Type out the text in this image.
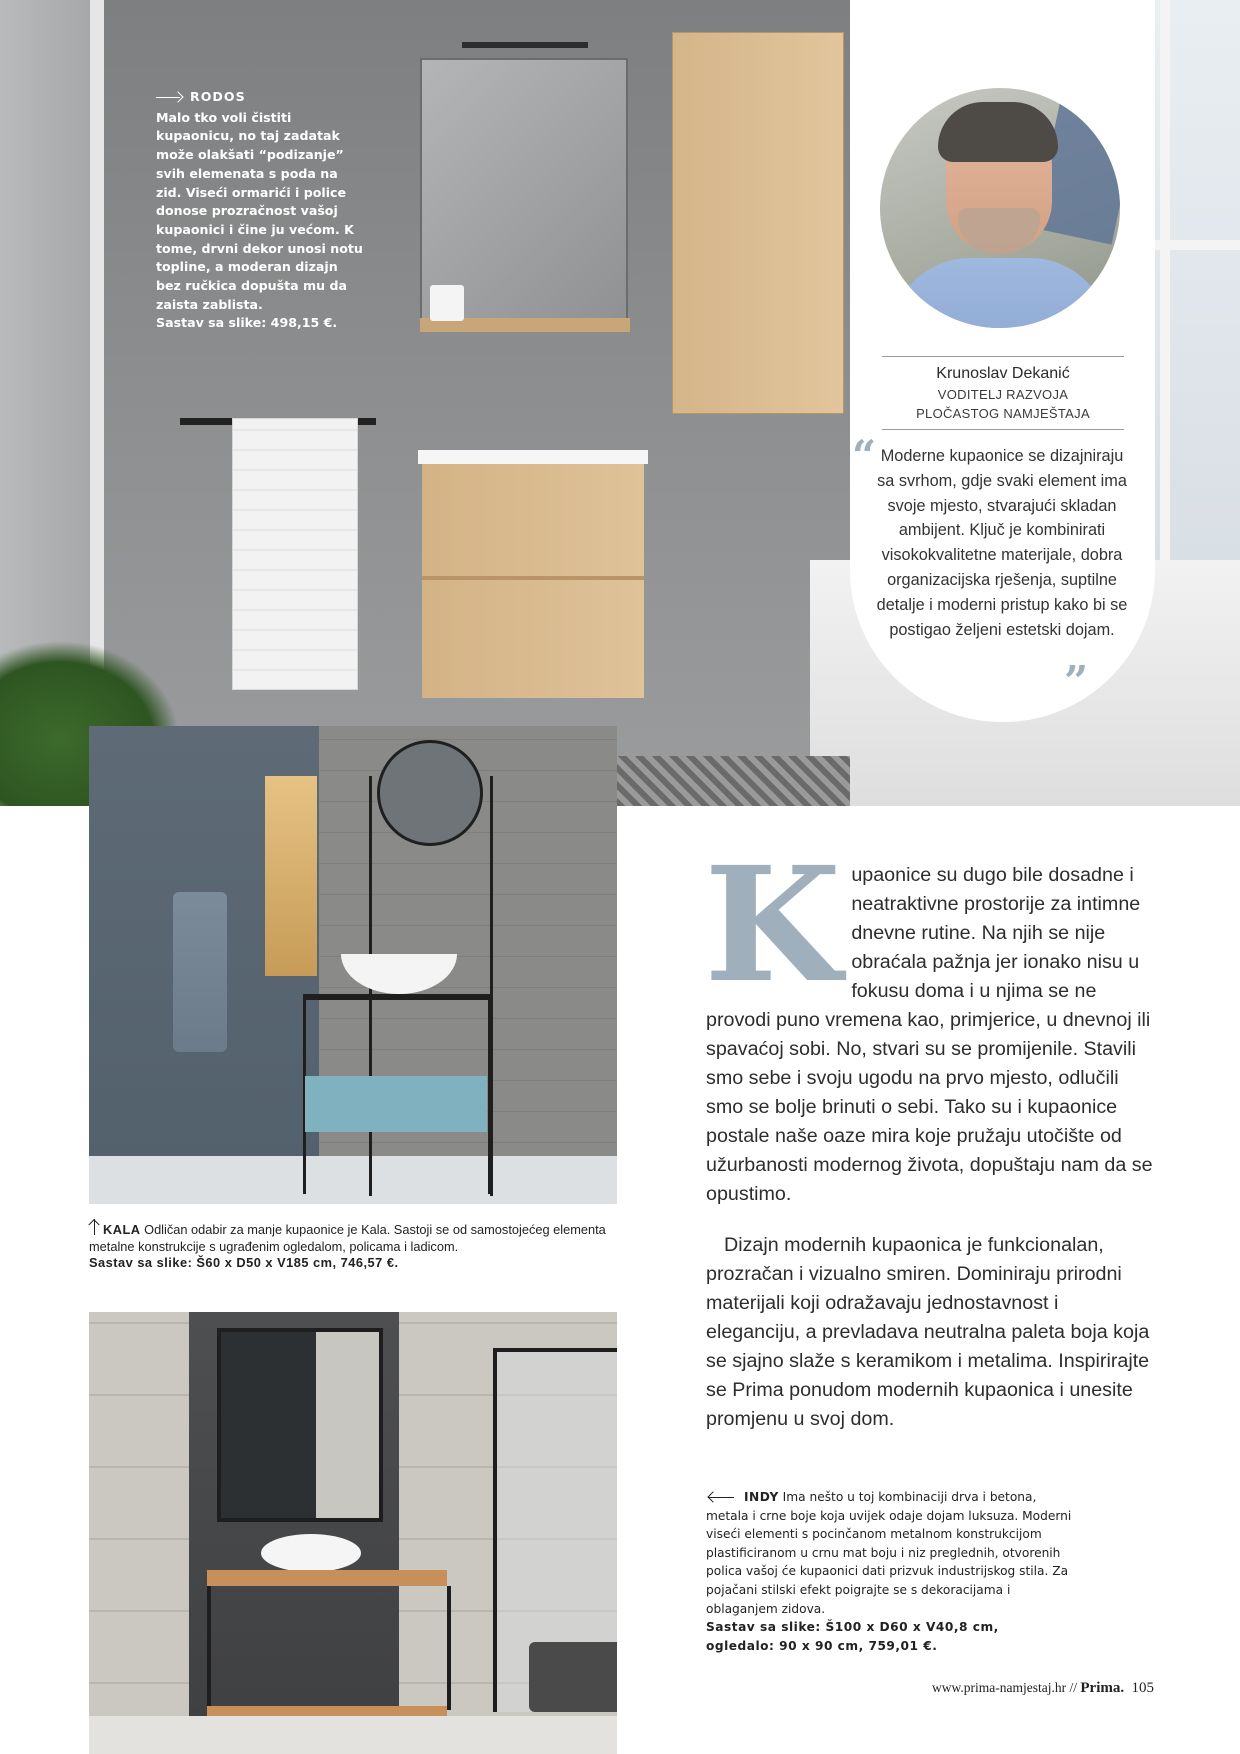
RODOS
Malo tko voli čistiti kupaonicu, no taj zadatak može olakšati “podizanje” svih elemenata s poda na zid. Viseći ormarići i police donose prozračnost vašoj kupaonici i čine ju većom. K tome, drvni dekor unosi notu topline, a moderan dizajn bez ručkica dopušta mu da zaista zablista.
Sastav sa slike: 498,15 €.
Krunoslav Dekanić
VODITELJ RAZVOJA
PLOČASTOG NAMJEŠTAJA
“ Moderne kupaonice se dizajniraju sa svrhom, gdje svaki element ima svoje mjesto, stvarajući skladan ambijent. Ključ je kombinirati visokokvalitetne materijale, dobra organizacijska rješenja, suptilne detalje i moderni pristup kako bi se postigao željeni estetski dojam.
”
KALA Odličan odabir za manje kupaonice je Kala. Sastoji se od samostojećeg elementa metalne konstrukcije s ugrađenim ogledalom, policama i ladicom.
Sastav sa slike: Š60 x D50 x V185 cm, 746,57 €.

Kupaonice su dugo bile dosadne i neatraktivne prostorije za intimne dnevne rutine. Na njih se nije obraćala pažnja jer ionako nisu u fokusu doma i u njima se ne provodi puno vremena kao, primjerice, u dnevnoj ili spavaćoj sobi. No, stvari su se promijenile. Stavili smo sebe i svoju ugodu na prvo mjesto, odlučili smo se bolje brinuti o sebi. Tako su i kupaonice postale naše oaze mira koje pružaju utočište od užurbanosti modernog života, dopuštaju nam da se opustimo.

Dizajn modernih kupaonica je funkcionalan, prozračan i vizualno smiren. Dominiraju prirodni materijali koji odražavaju jednostavnost i eleganciju, a prevladava neutralna paleta boja koja se sjajno slaže s keramikom i metalima. Inspirirajte se Prima ponudom modernih kupaonica i unesite promjenu u svoj dom.

INDY Ima nešto u toj kombinaciji drva i betona, metala i crne boje koja uvijek odaje dojam luksuza. Moderni viseći elementi s pocinčanom metalnom konstrukcijom plastificiranom u crnu mat boju i niz preglednih, otvorenih polica vašoj će kupaonici dati prizvuk industrijskog stila. Za pojačani stilski efekt poigrajte se s dekoracijama i oblaganjem zidova.
Sastav sa slike: Š100 x D60 x V40,8 cm,
ogledalo: 90 x 90 cm, 759,01 €.
www.prima-namjestaj.hr // Prima. 105
